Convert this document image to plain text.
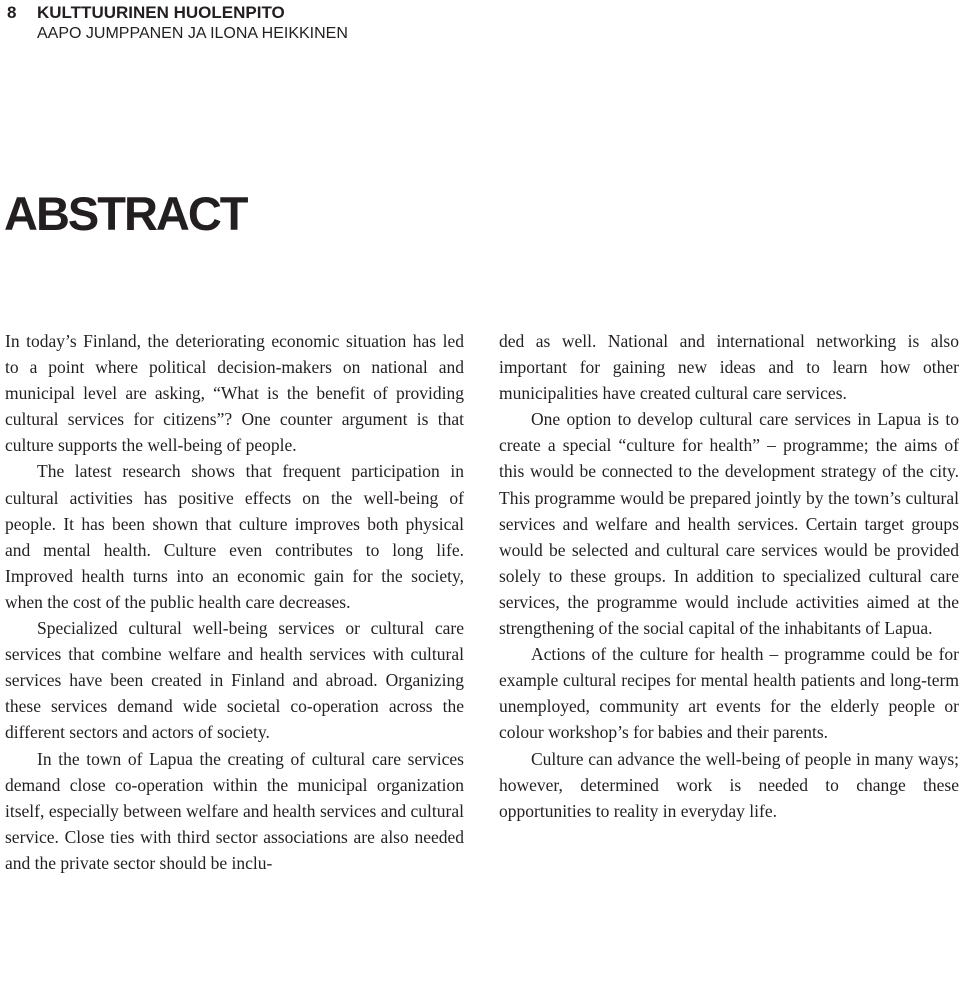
8 KULTTUURINEN HUOLENPITO
AAPO JUMPPANEN JA ILONA HEIKKINEN
ABSTRACT

In today’s Finland, the deteriorating economic situation has led to a point where political decision-makers on national and municipal level are asking, “What is the benefit of providing cultural services for citizens”? One counter argument is that culture supports the well-being of people.

The latest research shows that frequent participation in cultural activities has positive effects on the well-being of people. It has been shown that culture improves both physical and mental health. Culture even contributes to long life. Improved health turns into an economic gain for the society, when the cost of the public health care decreases.

Specialized cultural well-being services or cultural care services that combine welfare and health services with cultural services have been created in Finland and abroad. Organizing these services demand wide societal co-operation across the different sectors and actors of society.

In the town of Lapua the creating of cultural care services demand close co-operation within the municipal organization itself, especially between welfare and health services and cultural service. Close ties with third sector associations are also needed and the private sector should be inclu-

ded as well. National and international networking is also important for gaining new ideas and to learn how other municipalities have created cultural care services.

One option to develop cultural care services in Lapua is to create a special “culture for health” – programme; the aims of this would be connected to the development strategy of the city. This programme would be prepared jointly by the town’s cultural services and welfare and health services. Certain target groups would be selected and cultural care services would be provided solely to these groups. In addition to specialized cultural care services, the programme would include activities aimed at the strengthening of the social capital of the inhabitants of Lapua.

Actions of the culture for health – programme could be for example cultural recipes for mental health patients and long-term unemployed, community art events for the elderly people or colour workshop’s for babies and their parents.

Culture can advance the well-being of people in many ways; however, determined work is needed to change these opportunities to reality in everyday life.
